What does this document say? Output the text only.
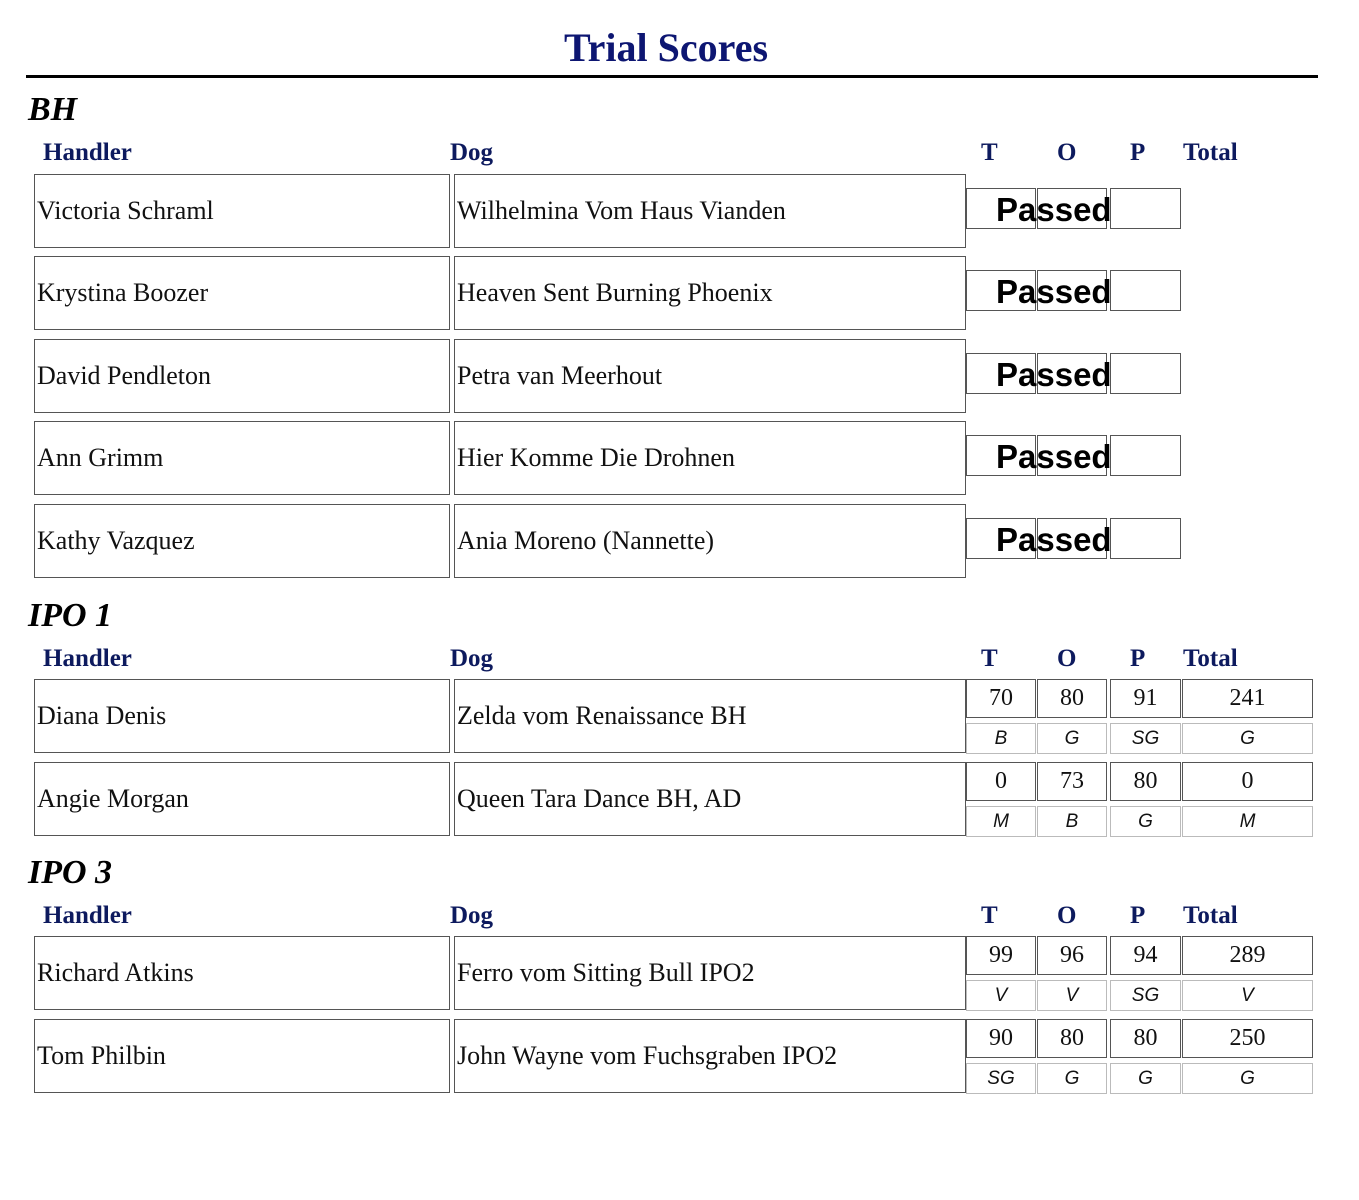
Trial Scores
BH
Handler	Dog	T O P Total
Victoria Schraml	Wilhelmina Vom Haus Vianden	Passed
Krystina Boozer	Heaven Sent Burning Phoenix	Passed
David Pendleton	Petra van Meerhout	Passed
Ann Grimm	Hier Komme Die Drohnen	Passed
Kathy Vazquez	Ania Moreno (Nannette)	Passed
IPO 1
Handler	Dog	T O P Total
Diana Denis	Zelda vom Renaissance BH
70	80	91	241
B	G	SG	G
Angie Morgan	Queen Tara Dance BH, AD
0	73	80	0
M	B	G	M
IPO 3
Handler	Dog	T O P Total
Richard Atkins	Ferro vom Sitting Bull IPO2
99	96	94	289
V	V	SG	V
Tom Philbin	John Wayne vom Fuchsgraben IPO2
90	80	80	250
SG	G	G	G
